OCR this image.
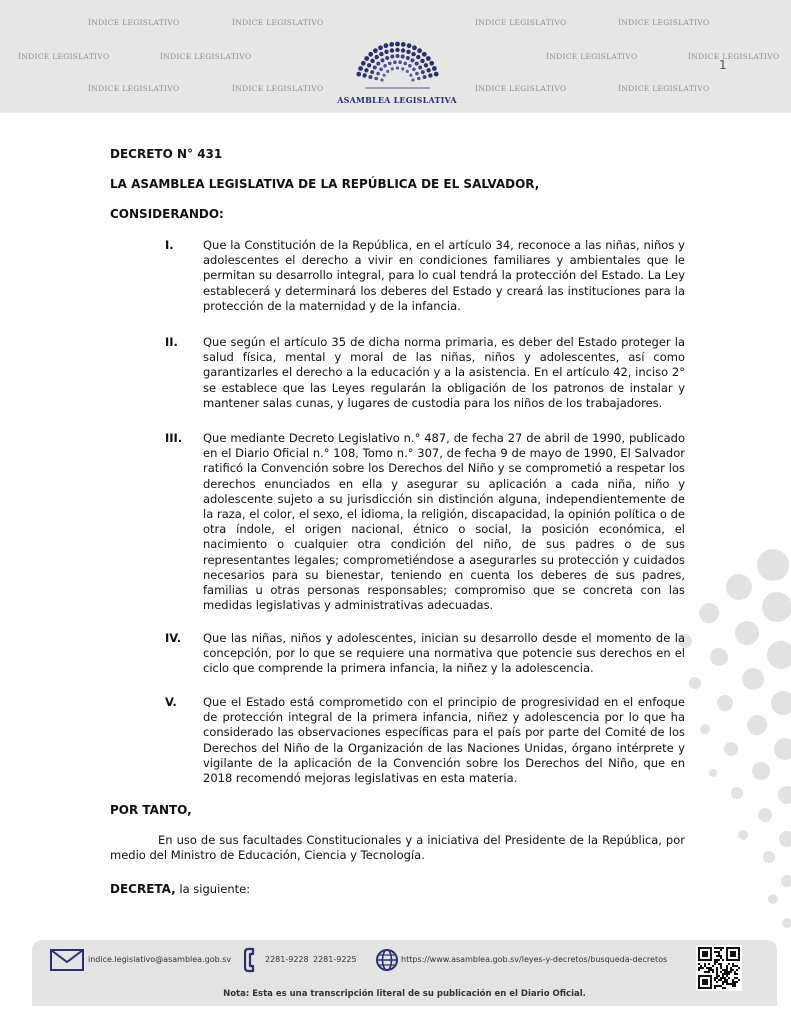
ÍNDICE LEGISLATIVO	ÍNDICE LEGISLATIVO	ÍNDICE LEGISLATIVO	ÍNDICE LEGISLATIVO
ÍNDICE LEGISLATIVO	ÍNDICE LEGISLATIVO	ÍNDICE LEGISLATIVO	ÍNDICE LEGISLATIVO
ÍNDICE LEGISLATIVO	ÍNDICE LEGISLATIVO	ÍNDICE LEGISLATIVO	ÍNDICE LEGISLATIVO
ASAMBLEA LEGISLATIVA
1
DECRETO N° 431
LA ASAMBLEA LEGISLATIVA DE LA REPÚBLICA DE EL SALVADOR,
CONSIDERANDO:
I.	Que la Constitución de la República, en el artículo 34, reconoce a las niñas, niños y adolescentes el derecho a vivir en condiciones familiares y ambientales que le permitan su desarrollo integral, para lo cual tendrá la protección del Estado. La Ley establecerá y determinará los deberes del Estado y creará las instituciones para la protección de la maternidad y de la infancia.
II. Que según el artículo 35 de dicha norma primaria, es deber del Estado proteger la salud física, mental y moral de las niñas, niños y adolescentes, así como garantizarles el derecho a la educación y a la asistencia. En el artículo 42, inciso 2° se establece que las Leyes regularán la obligación de los patronos de instalar y mantener salas cunas, y lugares de custodia para los niños de los trabajadores.
III. Que mediante Decreto Legislativo n.° 487, de fecha 27 de abril de 1990, publicado en el Diario Oficial n.° 108, Tomo n.° 307, de fecha 9 de mayo de 1990, El Salvador ratificó la Convención sobre los Derechos del Niño y se comprometió a respetar los derechos enunciados en ella y asegurar su aplicación a cada niña, niño y adolescente sujeto a su jurisdicción sin distinción alguna, independientemente de la raza, el color, el sexo, el idioma, la religión, discapacidad, la opinión política o de otra índole, el origen nacional, étnico o social, la posición económica, el nacimiento o cualquier otra condición del niño, de sus padres o de sus representantes legales; comprometiéndose a asegurarles su protección y cuidados necesarios para su bienestar, teniendo en cuenta los deberes de sus padres, familias u otras personas responsables; compromiso que se concreta con las medidas legislativas y administrativas adecuadas.
IV. Que las niñas, niños y adolescentes, inician su desarrollo desde el momento de la concepción, por lo que se requiere una normativa que potencie sus derechos en el ciclo que comprende la primera infancia, la niñez y la adolescencia.
V. Que el Estado está comprometido con el principio de progresividad en el enfoque de protección integral de la primera infancia, niñez y adolescencia por lo que ha considerado las observaciones específicas para el país por parte del Comité de los Derechos del Niño de la Organización de las Naciones Unidas, órgano intérprete y vigilante de la aplicación de la Convención sobre los Derechos del Niño, que en 2018 recomendó mejoras legislativas en esta materia.
POR TANTO,
En uso de sus facultades Constitucionales y a iniciativa del Presidente de la República, por medio del Ministro de Educación, Ciencia y Tecnología.
DECRETA, la siguiente:
indice.legislativo@asamblea.gob.sv	2281-9228 2281-9225	https://www.asamblea.gob.sv/leyes-y-decretos/busqueda-decretos
Nota: Esta es una transcripción literal de su publicación en el Diario Oficial.
